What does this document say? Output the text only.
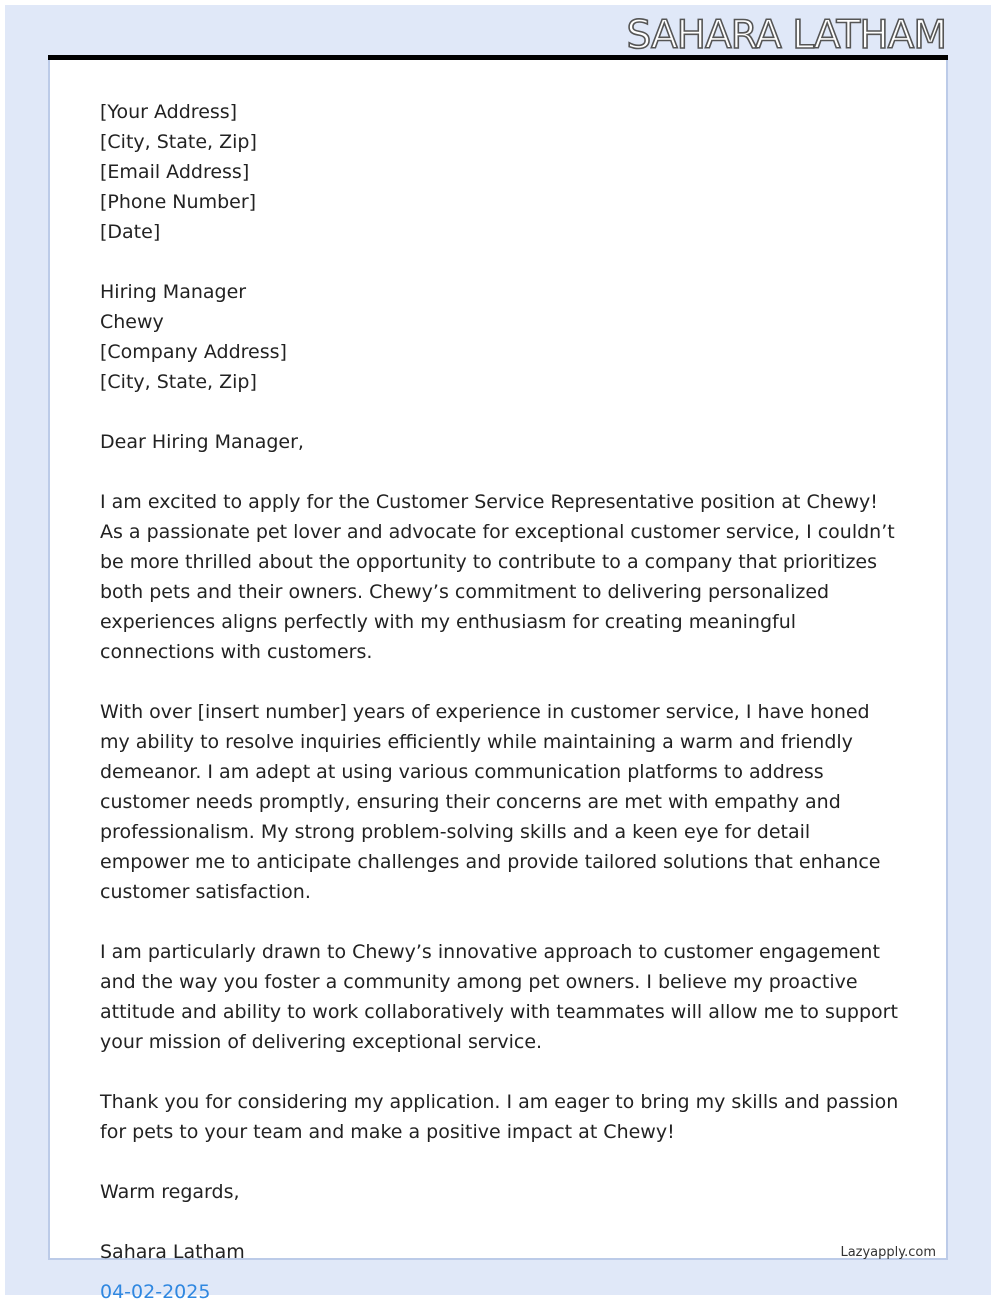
SAHARA LATHAM
[Your Address]
[City, State, Zip]
[Email Address]
[Phone Number]
[Date]
Hiring Manager
Chewy
[Company Address]
[City, State, Zip]
Dear Hiring Manager,

I am excited to apply for the Customer Service Representative position at Chewy! As a passionate pet lover and advocate for exceptional customer service, I couldn’t be more thrilled about the opportunity to contribute to a company that prioritizes both pets and their owners. Chewy’s commitment to delivering personalized experiences aligns perfectly with my enthusiasm for creating meaningful connections with customers.

With over [insert number] years of experience in customer service, I have honed my ability to resolve inquiries efficiently while maintaining a warm and friendly demeanor. I am adept at using various communication platforms to address customer needs promptly, ensuring their concerns are met with empathy and professionalism. My strong problem-solving skills and a keen eye for detail empower me to anticipate challenges and provide tailored solutions that enhance customer satisfaction.

I am particularly drawn to Chewy’s innovative approach to customer engagement and the way you foster a community among pet owners. I believe my proactive attitude and ability to work collaboratively with teammates will allow me to support your mission of delivering exceptional service.

Thank you for considering my application. I am eager to bring my skills and passion for pets to your team and make a positive impact at Chewy!

Warm regards,
Sahara Latham
04-02-2025
Lazyapply.com
